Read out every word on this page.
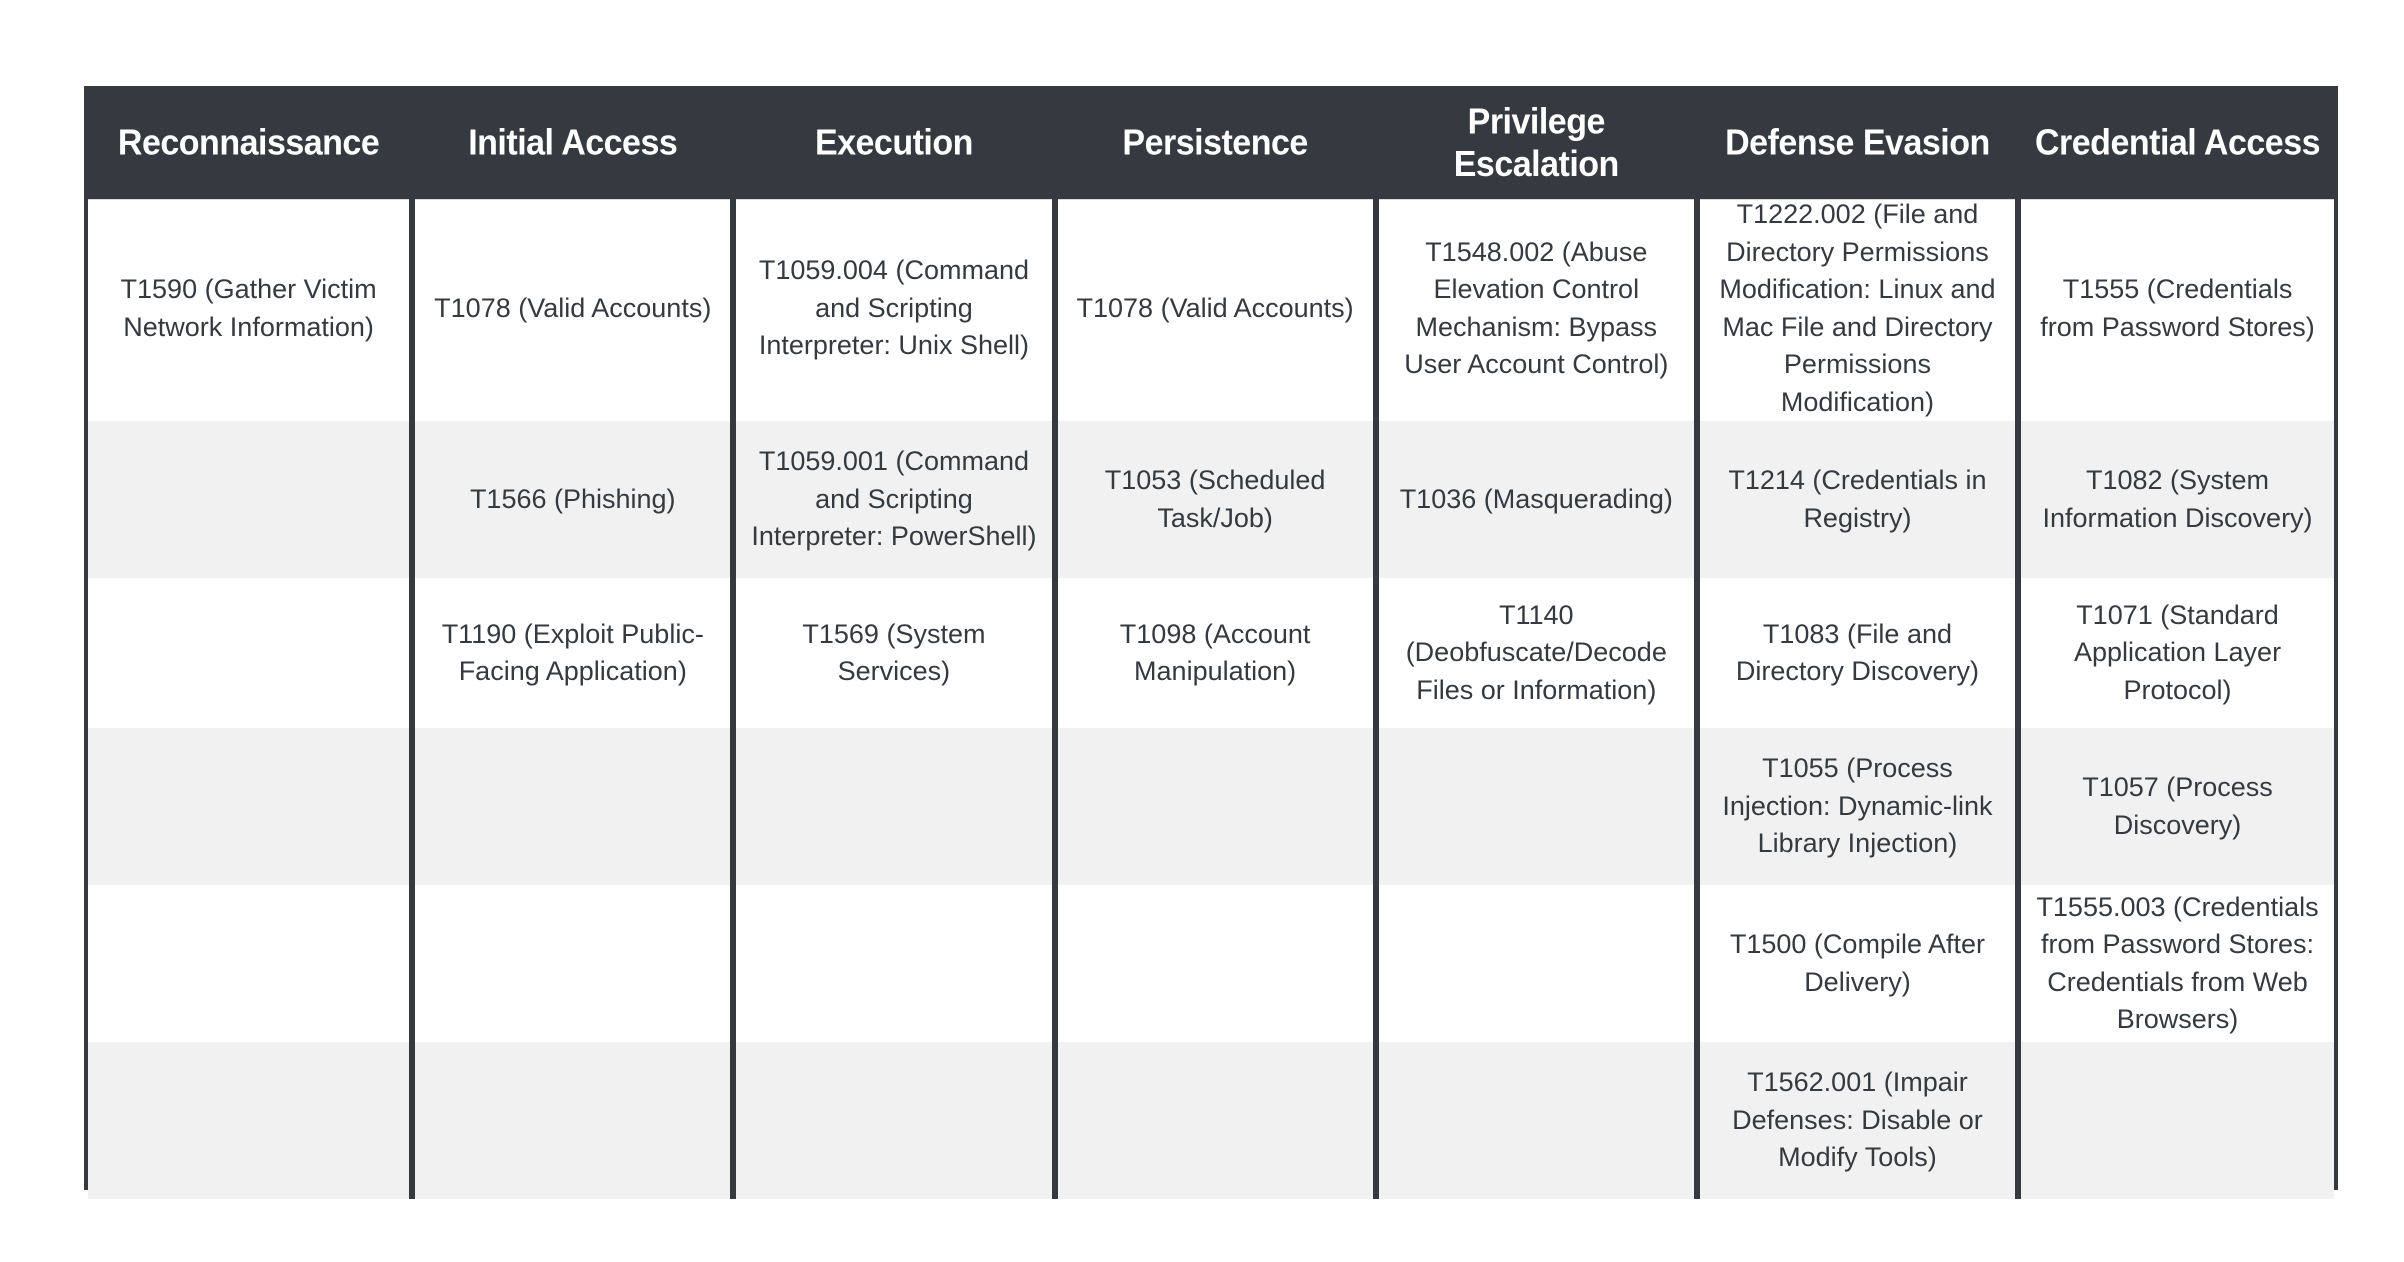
Reconnaissance	Initial Access	Execution	Persistence	Privilege Escalation	Defense Evasion	Credential Access
T1590 (Gather Victim Network Information)	T1078 (Valid Accounts)	T1059.004 (Command and Scripting Interpreter: Unix Shell)	T1078 (Valid Accounts)	T1548.002 (Abuse Elevation Control Mechanism: Bypass User Account Control)	T1222.002 (File and Directory Permissions Modification: Linux and Mac File and Directory Permissions Modification)	T1555 (Credentials from Password Stores)
	T1566 (Phishing)	T1059.001 (Command and Scripting Interpreter: PowerShell)	T1053 (Scheduled Task/Job)	T1036 (Masquerading)	T1214 (Credentials in Registry)	T1082 (System Information Discovery)
	T1190 (Exploit Public-Facing Application)	T1569 (System Services)	T1098 (Account Manipulation)	T1140 (Deobfuscate/Decode Files or Information)	T1083 (File and Directory Discovery)	T1071 (Standard Application Layer Protocol)
					T1055 (Process Injection: Dynamic-link Library Injection)	T1057 (Process Discovery)
					T1500 (Compile After Delivery)	T1555.003 (Credentials from Password Stores: Credentials from Web Browsers)
					T1562.001 (Impair Defenses: Disable or Modify Tools)	
